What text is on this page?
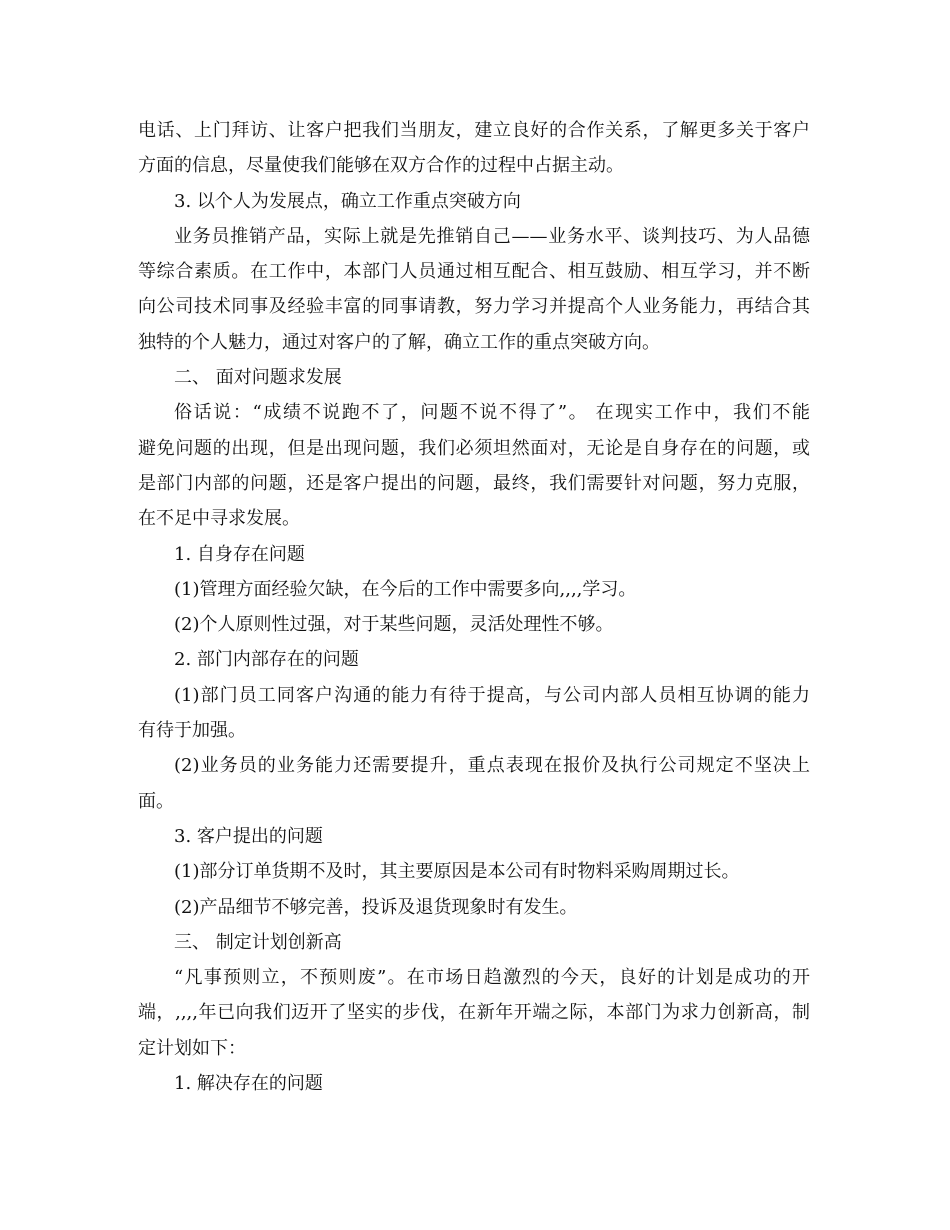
电话、上门拜访、让客户把我们当朋友，建立良好的合作关系，了解更多关于客户

方面的信息，尽量使我们能够在双方合作的过程中占据主动。

3. 以个人为发展点，确立工作重点突破方向

业务员推销产品，实际上就是先推销自己——业务水平、谈判技巧、为人品德

等综合素质。在工作中，本部门人员通过相互配合、相互鼓励、相互学习，并不断

向公司技术同事及经验丰富的同事请教，努力学习并提高个人业务能力，再结合其

独特的个人魅力，通过对客户的了解，确立工作的重点突破方向。

二、 面对问题求发展

俗话说：“成绩不说跑不了，问题不说不得了”。 在现实工作中，我们不能

避免问题的出现，但是出现问题，我们必须坦然面对，无论是自身存在的问题，或

是部门内部的问题，还是客户提出的问题，最终，我们需要针对问题，努力克服，

在不足中寻求发展。

1. 自身存在问题

(1)管理方面经验欠缺，在今后的工作中需要多向,,,,学习。

(2)个人原则性过强，对于某些问题，灵活处理性不够。

2. 部门内部存在的问题

(1)部门员工同客户沟通的能力有待于提高，与公司内部人员相互协调的能力

有待于加强。

(2)业务员的业务能力还需要提升，重点表现在报价及执行公司规定不坚决上

面。

3. 客户提出的问题

(1)部分订单货期不及时，其主要原因是本公司有时物料采购周期过长。

(2)产品细节不够完善，投诉及退货现象时有发生。

三、 制定计划创新高

“凡事预则立，不预则废”。在市场日趋激烈的今天，良好的计划是成功的开

端，,,,,年已向我们迈开了坚实的步伐，在新年开端之际，本部门为求力创新高，制

定计划如下：

1. 解决存在的问题
